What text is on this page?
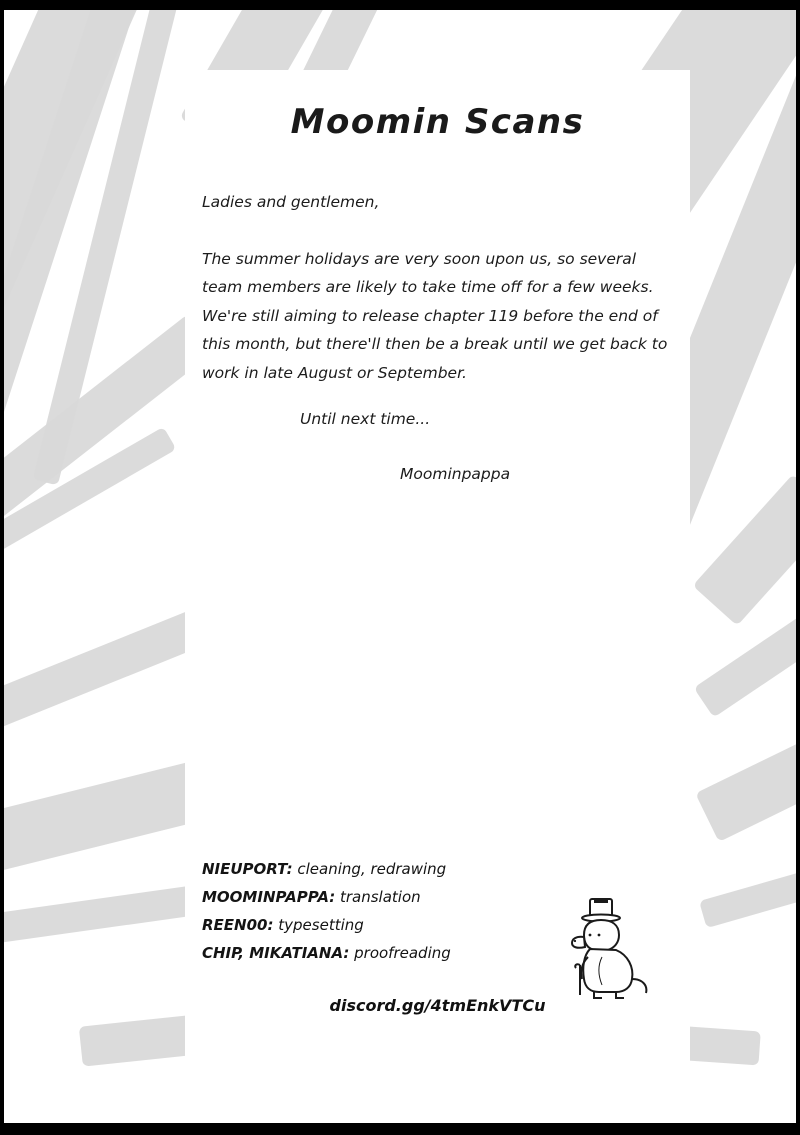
Moomin Scans

Ladies and gentlemen,

The summer holidays are very soon upon us, so several team members are likely to take time off for a few weeks. We're still aiming to release chapter 119 before the end of this month, but there'll then be a break until we get back to work in late August or September.

Until next time...
Moominpappa
NIEUPORT: cleaning, redrawing
MOOMINPAPPA: translation
REEN00: typesetting
CHIP, MIKATIANA: proofreading
discord.gg/4tmEnkVTCu
